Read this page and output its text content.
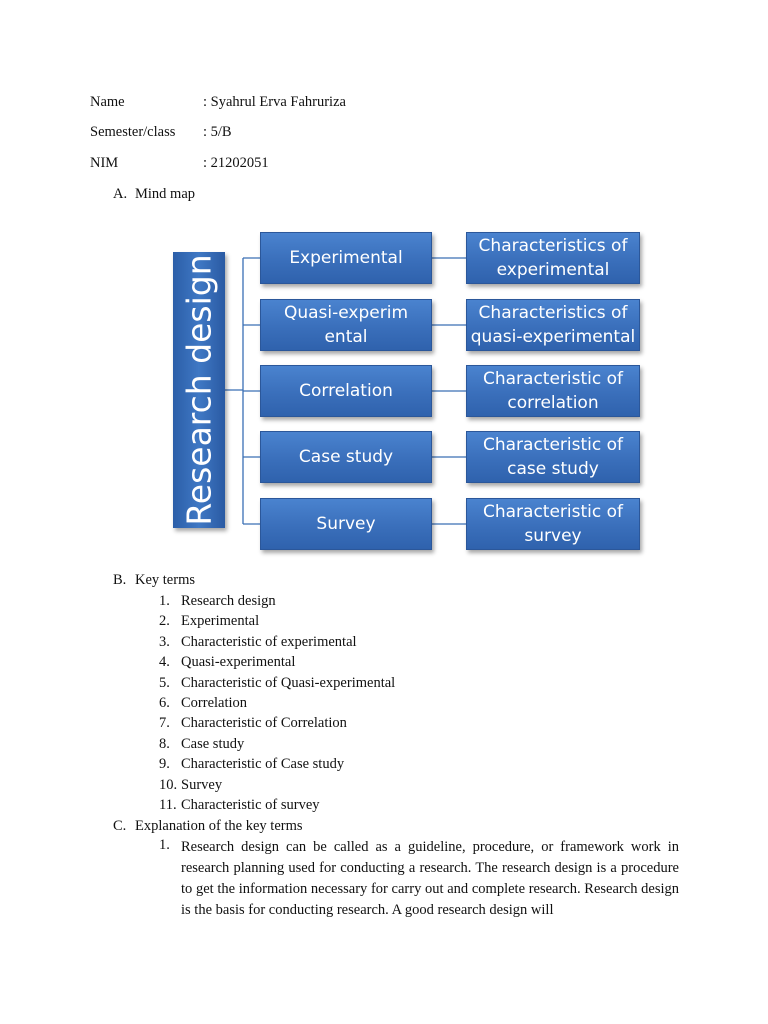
Name	: Syahrul Erva Fahruriza
Semester/class : 5/B
NIM	: 21202051
A. Mind map
Research design	Experimental
Quasi-experimental
Correlation
Case study
Survey
Characteristics of experimental
Characteristics of quasi-experimental
Characteristic of correlation
Characteristic of case study
Characteristic of survey
B. Key terms
1. Research design
2. Experimental
3. Characteristic of experimental
4. Quasi-experimental
5. Characteristic of Quasi-experimental
6. Correlation
7. Characteristic of Correlation
8. Case study
9. Characteristic of Case study
10. Survey
11. Characteristic of survey
C. Explanation of the key terms
1. Research design can be called as a guideline, procedure, or framework work in research planning used for conducting a research. The research design is a procedure to get the information necessary for carry out and complete research. Research design is the basis for conducting research. A good research design will
